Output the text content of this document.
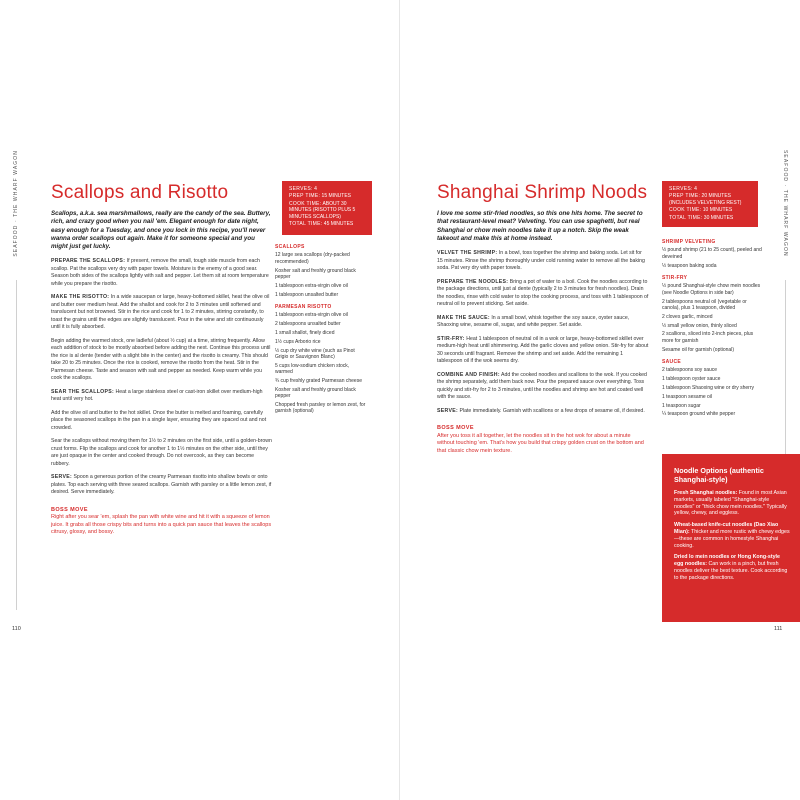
SEAFOOD · THE WHARF WAGON	SEAFOOD · THE WHARF WAGON
Scallops and Risotto

Scallops, a.k.a. sea marshmallows, really are the candy of the sea. Buttery, rich, and crazy good when you nail 'em. Elegant enough for date night, easy enough for a Tuesday, and once you lock in this recipe, you'll never wanna order scallops out again. Make it for someone special and you might just get lucky.

PREPARE THE SCALLOPS: If present, remove the small, tough side muscle from each scallop. Pat the scallops very dry with paper towels. Moisture is the enemy of a good sear. Season both sides of the scallops lightly with salt and pepper. Let them sit at room temperature while you prepare the risotto.

MAKE THE RISOTTO: In a wide saucepan or large, heavy-bottomed skillet, heat the olive oil and butter over medium heat. Add the shallot and cook for 2 to 3 minutes until softened and translucent but not browned. Stir in the rice and cook for 1 to 2 minutes, stirring constantly, to toast the grains until the edges are slightly translucent. Pour in the wine and stir continuously until it is fully absorbed.

Begin adding the warmed stock, one ladleful (about ½ cup) at a time, stirring frequently. Allow each addition of stock to be mostly absorbed before adding the next. Continue this process until the rice is al dente (tender with a slight bite in the center) and the risotto is creamy. This should take 20 to 25 minutes. Once the rice is cooked, remove the risotto from the heat. Stir in the Parmesan cheese. Taste and season with salt and pepper as needed. Keep warm while you cook the scallops.

SEAR THE SCALLOPS: Heat a large stainless steel or cast-iron skillet over medium-high heat until very hot.

Add the olive oil and butter to the hot skillet. Once the butter is melted and foaming, carefully place the seasoned scallops in the pan in a single layer, ensuring they are spaced out and not crowded.

Sear the scallops without moving them for 1½ to 2 minutes on the first side, until a golden-brown crust forms. Flip the scallops and cook for another 1 to 1½ minutes on the other side, until they are just opaque in the center and cooked through. Do not overcook, as they can become rubbery.

SERVE: Spoon a generous portion of the creamy Parmesan risotto into shallow bowls or onto plates. Top each serving with three seared scallops. Garnish with parsley or a little lemon zest, if desired. Serve immediately.

BOSS MOVE
Right after you sear 'em, splash the pan with white wine and hit it with a squeeze of lemon juice. It grabs all those crispy bits and turns into a quick pan sauce that leaves the scallops citrusy, glossy, and bossy.
SERVES: 4
PREP TIME: 15 MINUTES
COOK TIME: ABOUT 30 MINUTES (RISOTTO PLUS 5 MINUTES SCALLOPS)
TOTAL TIME: 45 MINUTES
SCALLOPS
12 large sea scallops (dry-packed recommended)
Kosher salt and freshly ground black pepper
1 tablespoon extra-virgin olive oil
1 tablespoon unsalted butter
PARMESAN RISOTTO
1 tablespoon extra-virgin olive oil
2 tablespoons unsalted butter
1 small shallot, finely diced
1½ cups Arborio rice
½ cup dry white wine (such as Pinot Grigio or Sauvignon Blanc)
5 cups low-sodium chicken stock, warmed
¾ cup freshly grated Parmesan cheese
Kosher salt and freshly ground black pepper
Chopped fresh parsley or lemon zest, for garnish (optional)
110
Shanghai Shrimp Noods

I love me some stir-fried noodles, so this one hits home. The secret to that restaurant-level meat? Velveting. You can use spaghetti, but real Shanghai or chow mein noodles take it up a notch. Skip the weak takeout and make this at home instead.

VELVET THE SHRIMP: In a bowl, toss together the shrimp and baking soda. Let sit for 15 minutes. Rinse the shrimp thoroughly under cold running water to remove all the baking soda. Pat very dry with paper towels.

PREPARE THE NOODLES: Bring a pot of water to a boil. Cook the noodles according to the package directions, until just al dente (typically 2 to 3 minutes for fresh noodles). Drain the noodles, rinse with cold water to stop the cooking process, and toss with 1 tablespoon of neutral oil to prevent sticking. Set aside.

MAKE THE SAUCE: In a small bowl, whisk together the soy sauce, oyster sauce, Shaoxing wine, sesame oil, sugar, and white pepper. Set aside.

STIR-FRY: Heat 1 tablespoon of neutral oil in a wok or large, heavy-bottomed skillet over medium-high heat until shimmering. Add the garlic cloves and yellow onion. Stir-fry for about 30 seconds until fragrant. Remove the shrimp and set aside. Add the remaining 1 tablespoon oil if the wok seems dry.

COMBINE AND FINISH: Add the cooked noodles and scallions to the wok. If you cooked the shrimp separately, add them back now. Pour the prepared sauce over everything. Toss quickly and stir-fry for 2 to 3 minutes, until the noodles and shrimp are hot and coated well with the sauce.

SERVE: Plate immediately. Garnish with scallions or a few drops of sesame oil, if desired.

BOSS MOVE
After you toss it all together, let the noodles sit in the hot wok for about a minute without touching 'em. That's how you build that crispy golden crust on the bottom and that classic chow mein texture.
SERVES: 4
PREP TIME: 20 MINUTES (INCLUDES VELVETING REST)
COOK TIME: 10 MINUTES
TOTAL TIME: 30 MINUTES
SHRIMP VELVETING
½ pound shrimp (21 to 25 count), peeled and deveined
½ teaspoon baking soda
STIR-FRY
½ pound Shanghai-style chow mein noodles (see Noodle Options in side bar)
2 tablespoons neutral oil (vegetable or canola), plus 1 teaspoon, divided
2 cloves garlic, minced
½ small yellow onion, thinly sliced
2 scallions, sliced into 2-inch pieces, plus more for garnish
Sesame oil for garnish (optional)
SAUCE
2 tablespoons soy sauce
1 tablespoon oyster sauce
1 tablespoon Shaoxing wine or dry sherry
1 teaspoon sesame oil
1 teaspoon sugar
¼ teaspoon ground white pepper
Noodle Options (authentic Shanghai-style)
Fresh Shanghai noodles: Found in most Asian markets, usually labeled "Shanghai-style noodles" or "thick chow mein noodles." Typically yellow, chewy, and eggless.
Wheat-based knife-cut noodles (Dao Xiao Mian): Thicker and more rustic with chewy edges—these are common in homestyle Shanghai cooking.
Dried lo mein noodles or Hong Kong-style egg noodles: Can work in a pinch, but fresh noodles deliver the best texture. Cook according to the package directions.
111
